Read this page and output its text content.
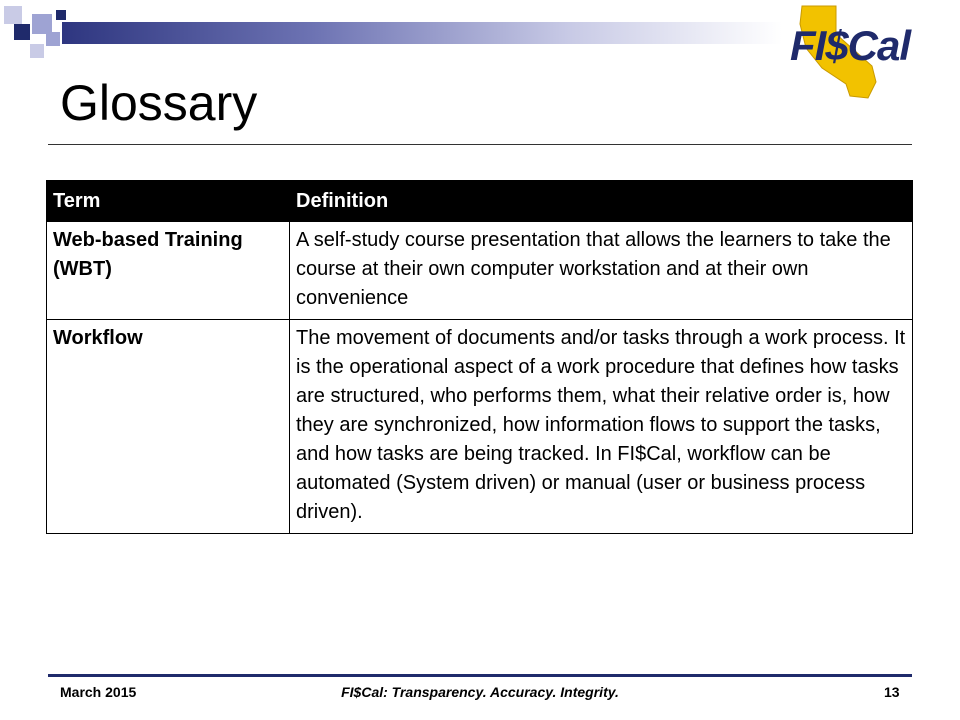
FI$Cal
Glossary
Term	Definition
Web-based Training (WBT)	A self-study course presentation that allows the learners to take the course at their own computer workstation and at their own convenience
Workflow	The movement of documents and/or tasks through a work process. It is the operational aspect of a work procedure that defines how tasks are structured, who performs them, what their relative order is, how they are synchronized, how information flows to support the tasks, and how tasks are being tracked. In FI$Cal, workflow can be automated (System driven) or manual (user or business process driven).
March 2015	FI$Cal: Transparency. Accuracy. Integrity.	13
